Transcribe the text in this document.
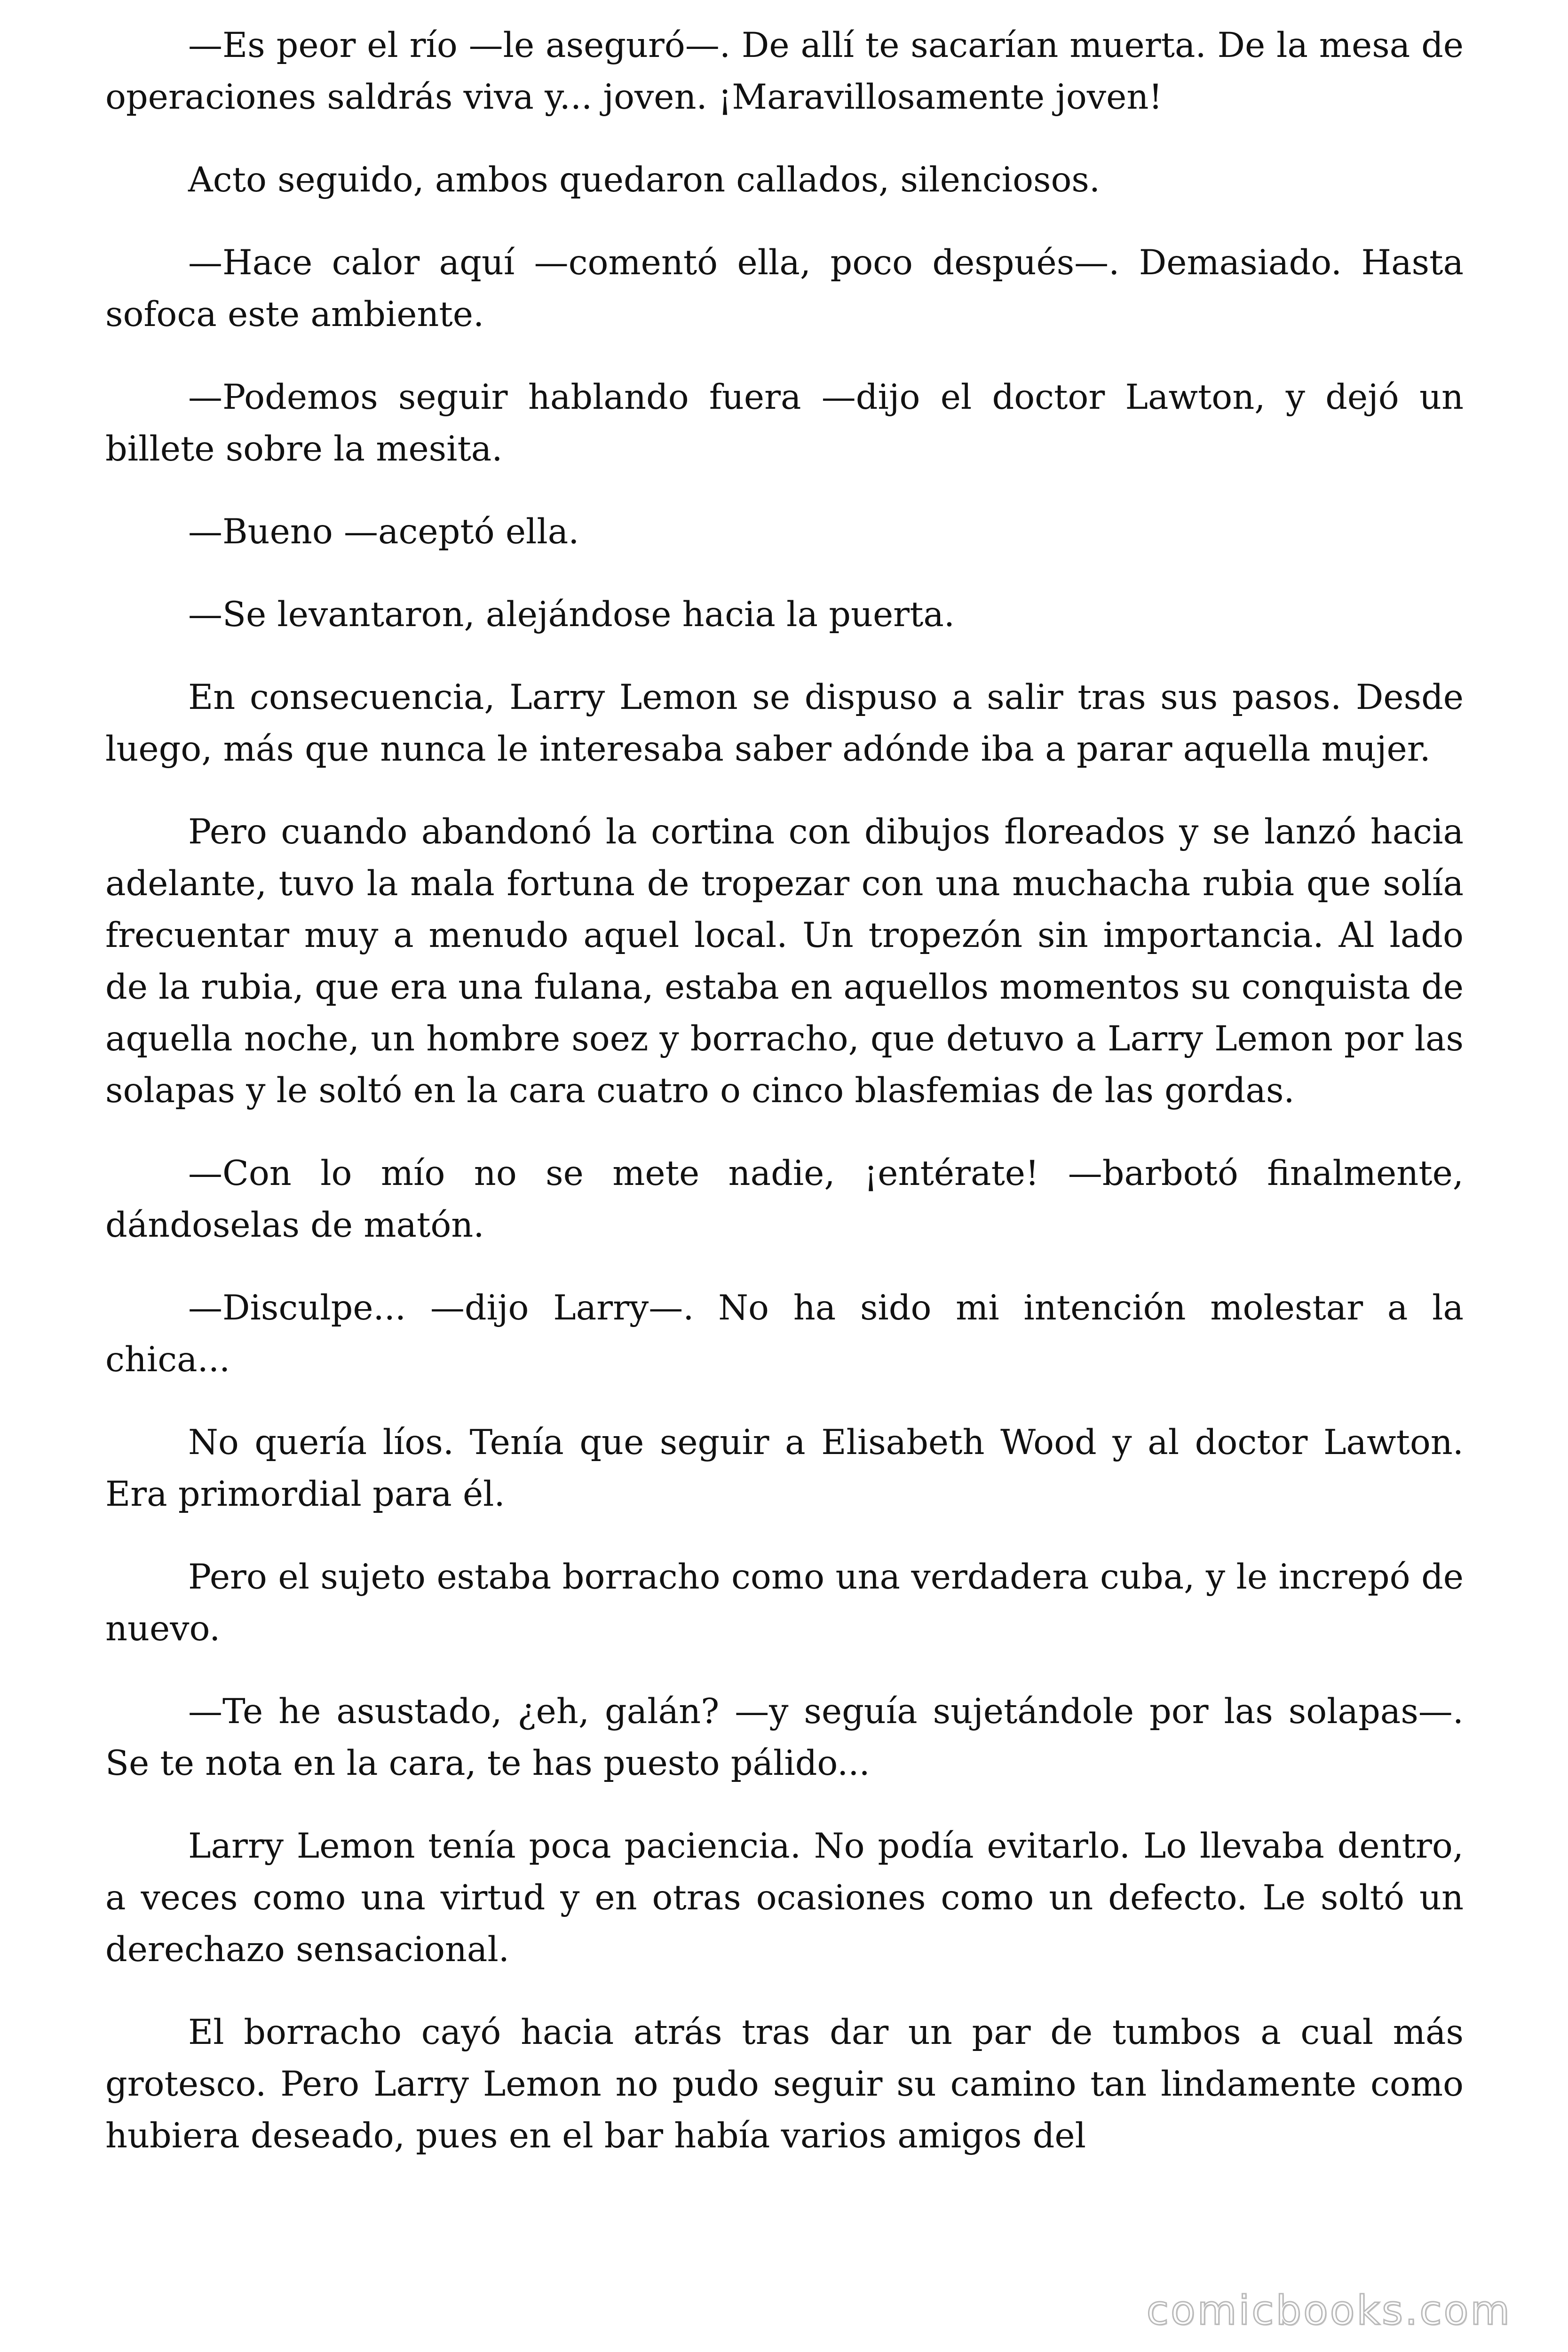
—Es peor el río —le aseguró—. De allí te sacarían muerta. De la mesa de operaciones saldrás viva y... joven. ¡Maravillosamente joven!

Acto seguido, ambos quedaron callados, silenciosos.

—Hace calor aquí —comentó ella, poco después—. Demasiado. Hasta sofoca este ambiente.

—Podemos seguir hablando fuera —dijo el doctor Lawton, y dejó un billete sobre la mesita.

—Bueno —aceptó ella.

—Se levantaron, alejándose hacia la puerta.

En consecuencia, Larry Lemon se dispuso a salir tras sus pasos. Desde luego, más que nunca le interesaba saber adónde iba a parar aquella mujer.

Pero cuando abandonó la cortina con dibujos floreados y se lanzó hacia adelante, tuvo la mala fortuna de tropezar con una muchacha rubia que solía frecuentar muy a menudo aquel local. Un tropezón sin importancia. Al lado de la rubia, que era una fulana, estaba en aquellos momentos su conquista de aquella noche, un hombre soez y borracho, que detuvo a Larry Lemon por las solapas y le soltó en la cara cuatro o cinco blasfemias de las gordas.

—Con lo mío no se mete nadie, ¡entérate! —barbotó finalmente, dándoselas de matón.

—Disculpe... —dijo Larry—. No ha sido mi intención molestar a la chica...

No quería líos. Tenía que seguir a Elisabeth Wood y al doctor Lawton. Era primordial para él.

Pero el sujeto estaba borracho como una verdadera cuba, y le increpó de nuevo.

—Te he asustado, ¿eh, galán? —y seguía sujetándole por las solapas—. Se te nota en la cara, te has puesto pálido...

Larry Lemon tenía poca paciencia. No podía evitarlo. Lo llevaba dentro, a veces como una virtud y en otras ocasiones como un defecto. Le soltó un derechazo sensacional.

El borracho cayó hacia atrás tras dar un par de tumbos a cual más grotesco. Pero Larry Lemon no pudo seguir su camino tan lindamente como hubiera deseado, pues en el bar había varios amigos del

comicbooks.com
